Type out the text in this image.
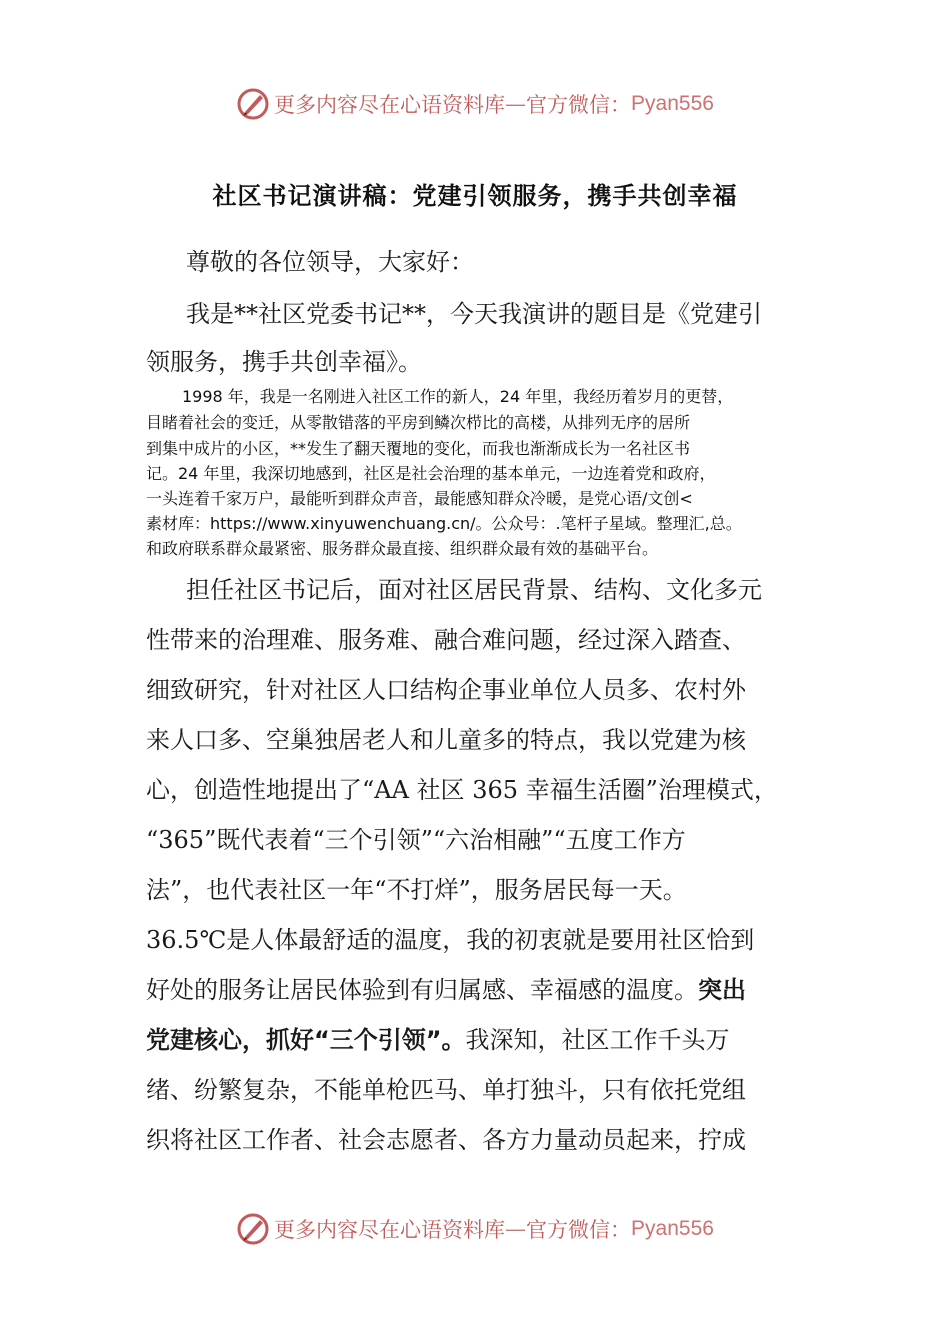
更多内容尽在心语资料库 — 官方微信： Pyan556
社区书记演讲稿：党建引领服务，携手共创幸福
尊敬的各位领导，大家好：
我是**社区党委书记**，今天我演讲的题目是《党建引
领服务，携手共创幸福》。
1998 年，我是一名刚进入社区工作的新人，24 年里，我经历着岁月的更替，
目睹着社会的变迁，从零散错落的平房到鳞次栉比的高楼，从排列无序的居所
到集中成片的小区，**发生了翻天覆地的变化，而我也渐渐成长为一名社区书
记。24 年里，我深切地感到，社区是社会治理的基本单元，一边连着党和政府，
一头连着千家万户，最能听到群众声音，最能感知群众冷暖，是党心语/文创<
素材库：https://www.xinyuwenchuang.cn/。公众号：.笔杆子星域。整理汇,总。
和政府联系群众最紧密、服务群众最直接、组织群众最有效的基础平台。
担任社区书记后，面对社区居民背景、结构、文化多元
性带来的治理难、服务难、融合难问题，经过深入踏查、
细致研究，针对社区人口结构企事业单位人员多、农村外
来人口多、空巢独居老人和儿童多的特点，我以党建为核
心，创造性地提出了“AA 社区 365 幸福生活圈”治理模式，
“365”既代表着“三个引领”“六治相融”“五度工作方
法”，也代表社区一年“不打烊”，服务居民每一天。
36.5℃是人体最舒适的温度，我的初衷就是要用社区恰到
好处的服务让居民体验到有归属感、幸福感的温度。突出
党建核心，抓好“三个引领”。我深知，社区工作千头万
绪、纷繁复杂，不能单枪匹马、单打独斗，只有依托党组
织将社区工作者、社会志愿者、各方力量动员起来，拧成
更多内容尽在心语资料库 — 官方微信： Pyan556
